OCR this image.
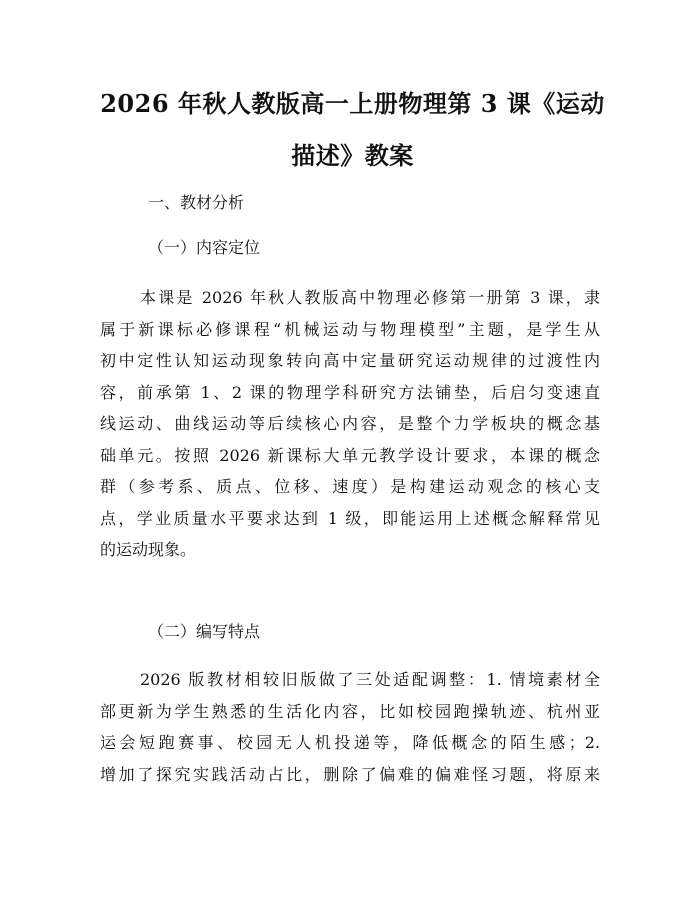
2026 年秋人教版高一上册物理第 3 课《运动
描述》教案

一、教材分析

（一）内容定位

本课是 2026 年秋人教版高中物理必修第一册第 3 课，隶
属于新课标必修课程“机械运动与物理模型”主题，是学生从
初中定性认知运动现象转向高中定量研究运动规律的过渡性内
容，前承第 1、2 课的物理学科研究方法铺垫，后启匀变速直
线运动、曲线运动等后续核心内容，是整个力学板块的概念基
础单元。按照 2026 新课标大单元教学设计要求，本课的概念
群（参考系、质点、位移、速度）是构建运动观念的核心支
点，学业质量水平要求达到 1 级，即能运用上述概念解释常见
的运动现象。

（二）编写特点

2026 版教材相较旧版做了三处适配调整：1. 情境素材全
部更新为学生熟悉的生活化内容，比如校园跑操轨迹、杭州亚
运会短跑赛事、校园无人机投递等，降低概念的陌生感；2.
增加了探究实践活动占比，删除了偏难的偏难怪习题，将原来
